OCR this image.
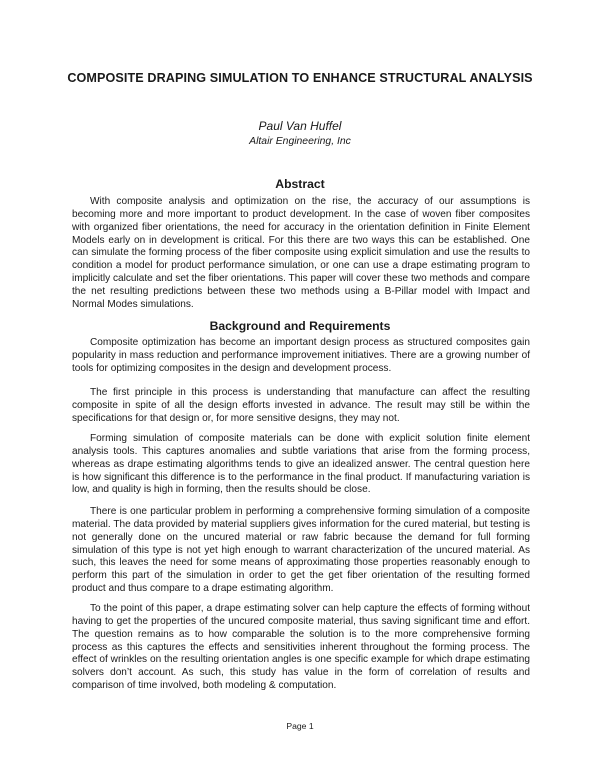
COMPOSITE DRAPING SIMULATION TO ENHANCE STRUCTURAL ANALYSIS
Paul Van Huffel
Altair Engineering, Inc
Abstract

With composite analysis and optimization on the rise, the accuracy of our assumptions is becoming more and more important to product development. In the case of woven fiber composites with organized fiber orientations, the need for accuracy in the orientation definition in Finite Element Models early on in development is critical. For this there are two ways this can be established. One can simulate the forming process of the fiber composite using explicit simulation and use the results to condition a model for product performance simulation, or one can use a drape estimating program to implicitly calculate and set the fiber orientations. This paper will cover these two methods and compare the net resulting predictions between these two methods using a B-Pillar model with Impact and Normal Modes simulations.

Background and Requirements

Composite optimization has become an important design process as structured composites gain popularity in mass reduction and performance improvement initiatives. There are a growing number of tools for optimizing composites in the design and development process.

The first principle in this process is understanding that manufacture can affect the resulting composite in spite of all the design efforts invested in advance. The result may still be within the specifications for that design or, for more sensitive designs, they may not.

Forming simulation of composite materials can be done with explicit solution finite element analysis tools. This captures anomalies and subtle variations that arise from the forming process, whereas as drape estimating algorithms tends to give an idealized answer. The central question here is how significant this difference is to the performance in the final product. If manufacturing variation is low, and quality is high in forming, then the results should be close.

There is one particular problem in performing a comprehensive forming simulation of a composite material. The data provided by material suppliers gives information for the cured material, but testing is not generally done on the uncured material or raw fabric because the demand for full forming simulation of this type is not yet high enough to warrant characterization of the uncured material. As such, this leaves the need for some means of approximating those properties reasonably enough to perform this part of the simulation in order to get the get fiber orientation of the resulting formed product and thus compare to a drape estimating algorithm.

To the point of this paper, a drape estimating solver can help capture the effects of forming without having to get the properties of the uncured composite material, thus saving significant time and effort. The question remains as to how comparable the solution is to the more comprehensive forming process as this captures the effects and sensitivities inherent throughout the forming process. The effect of wrinkles on the resulting orientation angles is one specific example for which drape estimating solvers don’t account. As such, this study has value in the form of correlation of results and comparison of time involved, both modeling & computation.

Page 1
